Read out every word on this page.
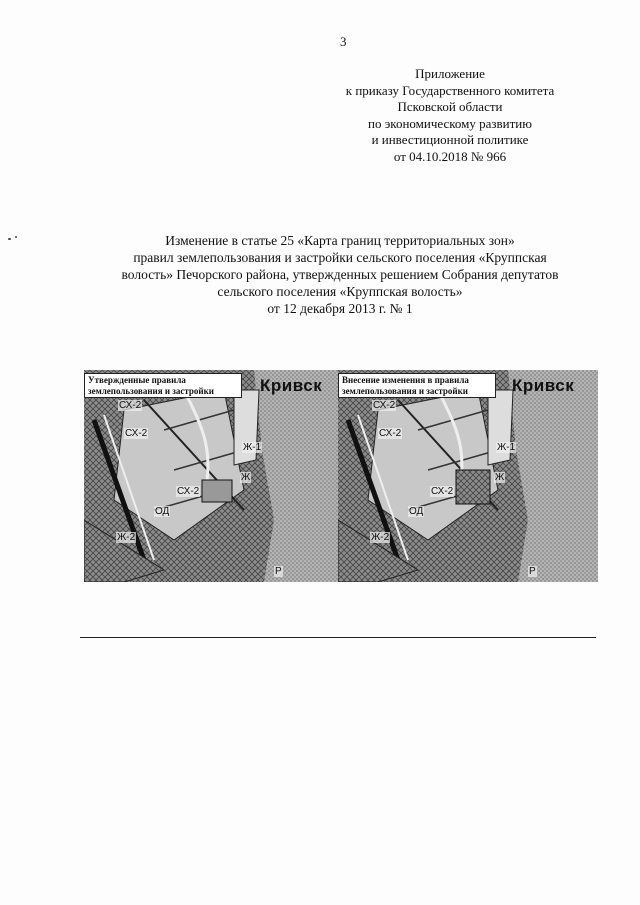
3
Приложение
к приказу Государственного комитета
Псковской области
по экономическому развитию
и инвестиционной политике
от 04.10.2018 № 966
Изменение в статье 25 «Карта границ территориальных зон»
правил землепользования и застройки сельского поселения «Круппская
волость» Печорского района, утвержденных решением Собрания депутатов
сельского поселения «Круппская волость»
от 12 декабря 2013 г. № 1
Утвержденные правила
землепользования и застройки	Кривск
СХ-2
СХ-2
Ж-1
Ж
СХ-2
ОД
Ж-2
Р
Внесение изменения в правила
землепользования и застройки	Кривск
СХ-2
СХ-2
Ж-1
Ж
СХ-2
ОД
Ж-2
Р
